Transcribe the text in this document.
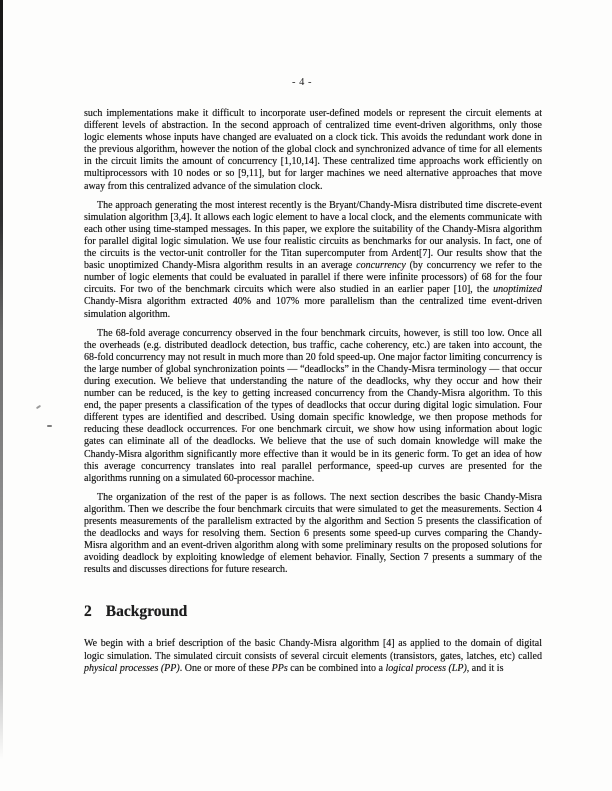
- 4 -

such implementations make it difficult to incorporate user-defined models or represent the circuit elements at different levels of abstraction. In the second approach of centralized time event-driven algorithms, only those logic elements whose inputs have changed are evaluated on a clock tick. This avoids the redundant work done in the previous algorithm, however the notion of the global clock and synchronized advance of time for all elements in the circuit limits the amount of concurrency [1,10,14]. These centralized time approachs work efficiently on multiprocessors with 10 nodes or so [9,11], but for larger machines we need alternative approaches that move away from this centralized advance of the simulation clock.

The approach generating the most interest recently is the Bryant/Chandy-Misra distributed time discrete-event simulation algorithm [3,4]. It allows each logic element to have a local clock, and the elements communicate with each other using time-stamped messages. In this paper, we explore the suitability of the Chandy-Misra algorithm for parallel digital logic simulation. We use four realistic circuits as benchmarks for our analysis. In fact, one of the circuits is the vector-unit controller for the Titan supercomputer from Ardent[7]. Our results show that the basic unoptimized Chandy-Misra algorithm results in an average concurrency (by concurrency we refer to the number of logic elements that could be evaluated in parallel if there were infinite processors) of 68 for the four circuits. For two of the benchmark circuits which were also studied in an earlier paper [10], the unoptimized Chandy-Misra algorithm extracted 40% and 107% more parallelism than the centralized time event-driven simulation algorithm.

The 68-fold average concurrency observed in the four benchmark circuits, however, is still too low. Once all the overheads (e.g. distributed deadlock detection, bus traffic, cache coherency, etc.) are taken into account, the 68-fold concurrency may not result in much more than 20 fold speed-up. One major factor limiting concurrency is the large number of global synchronization points — “deadlocks” in the Chandy-Misra terminology — that occur during execution. We believe that understanding the nature of the deadlocks, why they occur and how their number can be reduced, is the key to getting increased concurrency from the Chandy-Misra algorithm. To this end, the paper presents a classification of the types of deadlocks that occur during digital logic simulation. Four different types are identified and described. Using domain specific knowledge, we then propose methods for reducing these deadlock occurrences. For one benchmark circuit, we show how using information about logic gates can eliminate all of the deadlocks. We believe that the use of such domain knowledge will make the Chandy-Misra algorithm significantly more effective than it would be in its generic form. To get an idea of how this average concurrency translates into real parallel performance, speed-up curves are presented for the algorithms running on a simulated 60-processor machine.

The organization of the rest of the paper is as follows. The next section describes the basic Chandy-Misra algorithm. Then we describe the four benchmark circuits that were simulated to get the measurements. Section 4 presents measurements of the parallelism extracted by the algorithm and Section 5 presents the classification of the deadlocks and ways for resolving them. Section 6 presents some speed-up curves comparing the Chandy-Misra algorithm and an event-driven algorithm along with some preliminary results on the proposed solutions for avoiding deadlock by exploiting knowledge of element behavior. Finally, Section 7 presents a summary of the results and discusses directions for future research.

2 Background

We begin with a brief description of the basic Chandy-Misra algorithm [4] as applied to the domain of digital logic simulation. The simulated circuit consists of several circuit elements (transistors, gates, latches, etc) called physical processes (PP). One or more of these PPs can be combined into a logical process (LP), and it is
